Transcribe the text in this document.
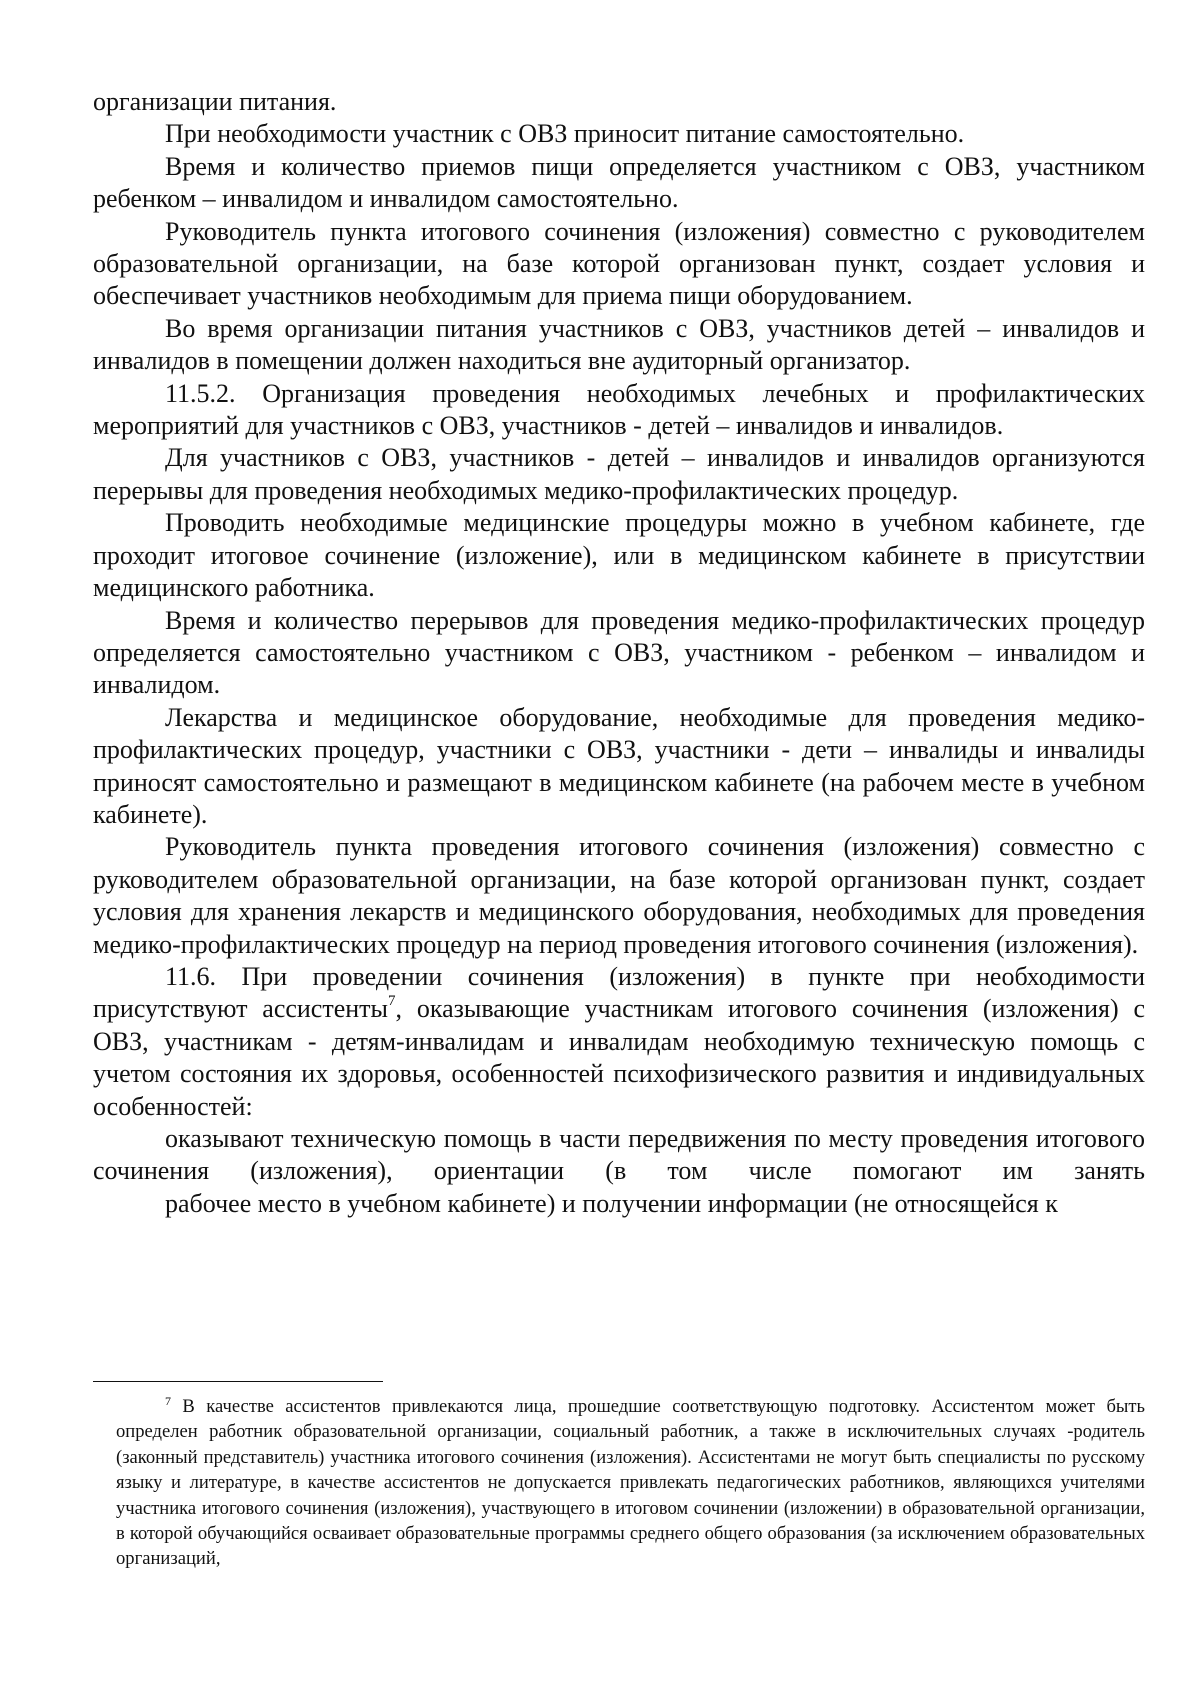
организации питания.

При необходимости участник с ОВЗ приносит питание самостоятельно.

Время и количество приемов пищи определяется участником с ОВЗ, участником ребенком – инвалидом и инвалидом самостоятельно.

Руководитель пункта итогового сочинения (изложения) совместно с руководителем образовательной организации, на базе которой организован пункт, создает условия и обеспечивает участников необходимым для приема пищи оборудованием.

Во время организации питания участников с ОВЗ, участников детей – инвалидов и инвалидов в помещении должен находиться вне аудиторный организатор.

11.5.2. Организация проведения необходимых лечебных и профилактических мероприятий для участников с ОВЗ, участников - детей – инвалидов и инвалидов.

Для участников с ОВЗ, участников - детей – инвалидов и инвалидов организуются перерывы для проведения необходимых медико-профилактических процедур.

Проводить необходимые медицинские процедуры можно в учебном кабинете, где проходит итоговое сочинение (изложение), или в медицинском кабинете в присутствии медицинского работника.

Время и количество перерывов для проведения медико-профилактических процедур определяется самостоятельно участником с ОВЗ, участником - ребенком – инвалидом и инвалидом.

Лекарства и медицинское оборудование, необходимые для проведения медико-профилактических процедур, участники с ОВЗ, участники - дети – инвалиды и инвалиды приносят самостоятельно и размещают в медицинском кабинете (на рабочем месте в учебном кабинете).

Руководитель пункта проведения итогового сочинения (изложения) совместно с руководителем образовательной организации, на базе которой организован пункт, создает условия для хранения лекарств и медицинского оборудования, необходимых для проведения медико-профилактических процедур на период проведения итогового сочинения (изложения).

11.6. При проведении сочинения (изложения) в пункте при необходимости присутствуют ассистенты$^7$, оказывающие участникам итогового сочинения (изложения) с ОВЗ, участникам - детям-инвалидам и инвалидам необходимую техническую помощь с учетом состояния их здоровья, особенностей психофизического развития и индивидуальных особенностей:

оказывают техническую помощь в части передвижения по месту проведения итогового сочинения (изложения), ориентации (в том числе помогают им занять

рабочее место в учебном кабинете) и получении информации (не относящейся к

$^7$ В качестве ассистентов привлекаются лица, прошедшие соответствующую подготовку. Ассистентом может быть определен работник образовательной организации, социальный работник, а также в исключительных случаях -родитель (законный представитель) участника итогового сочинения (изложения). Ассистентами не могут быть специалисты по русскому языку и литературе, в качестве ассистентов не допускается привлекать педагогических работников, являющихся учителями участника итогового сочинения (изложения), участвующего в итоговом сочинении (изложении) в образовательной организации, в которой обучающийся осваивает образовательные программы среднего общего образования (за исключением образовательных организаций,
